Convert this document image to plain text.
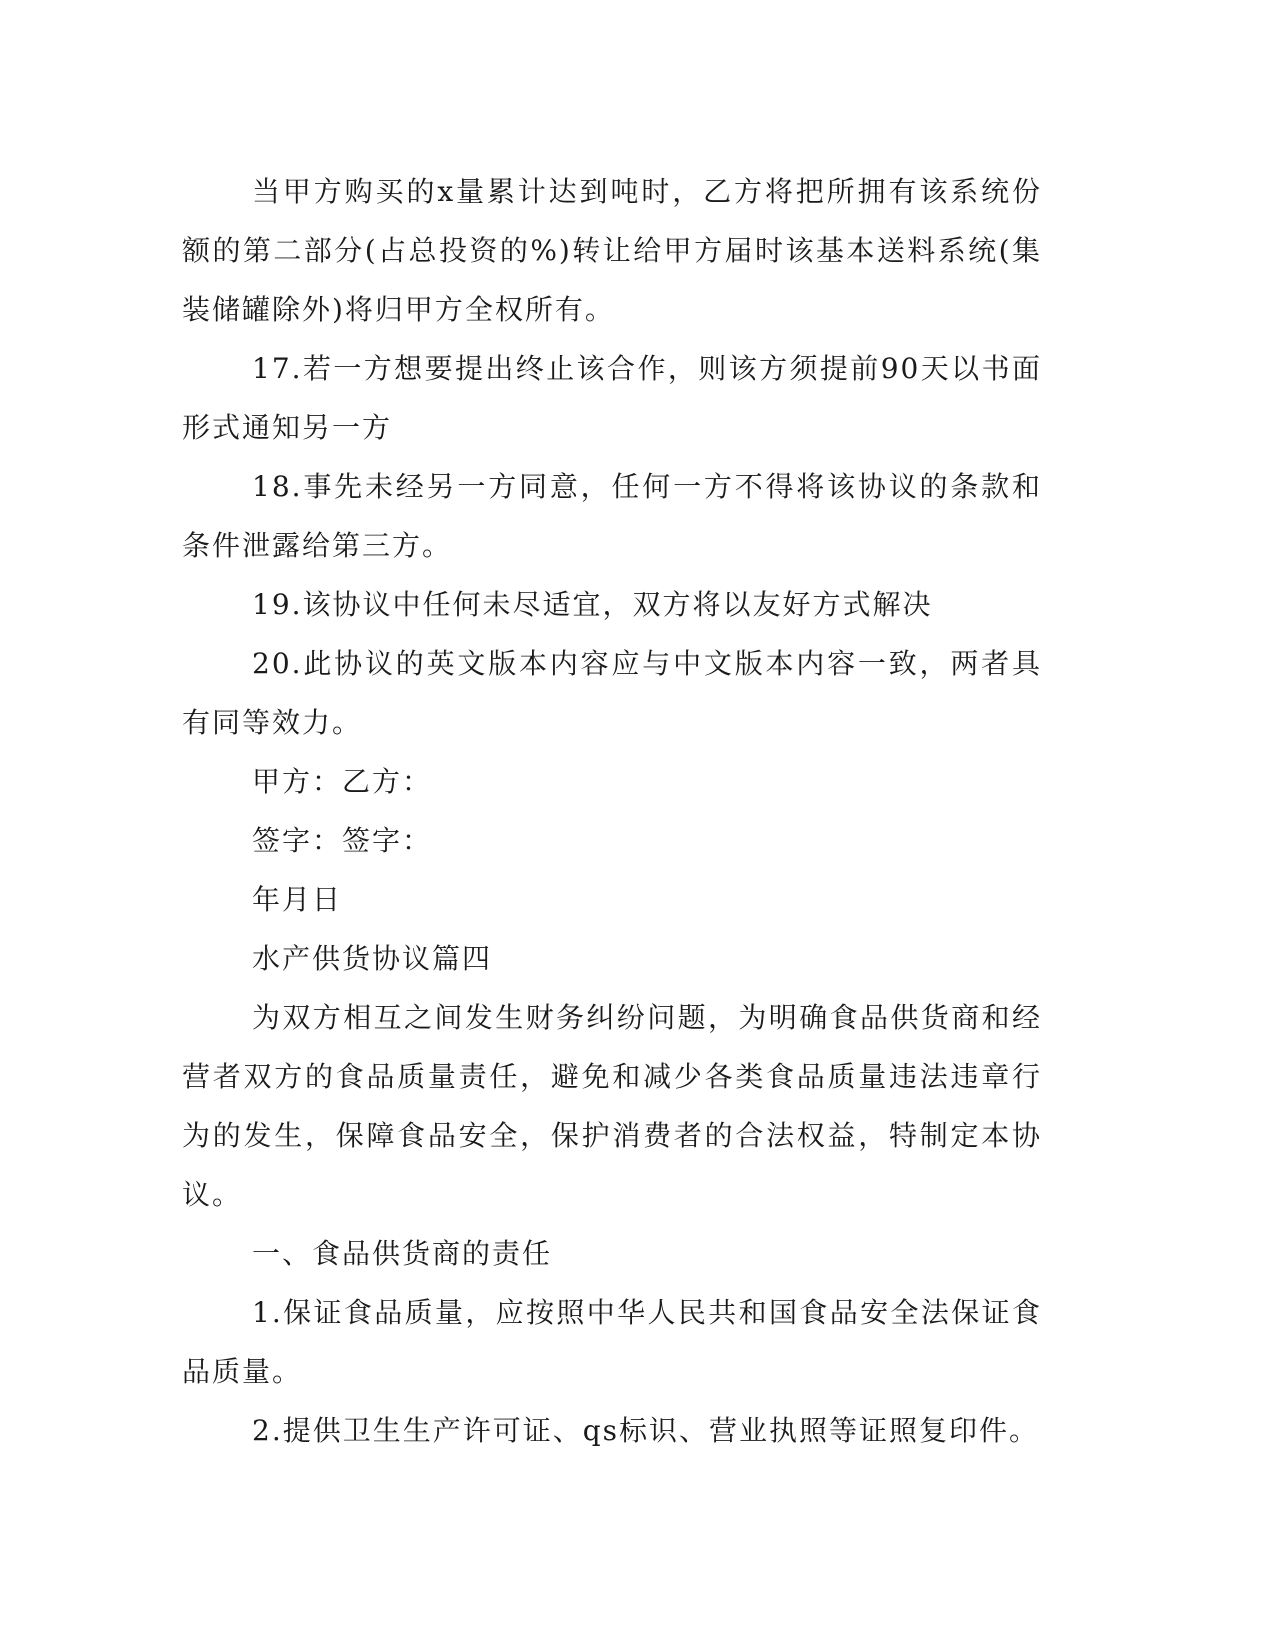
当甲方购买的x量累计达到吨时，乙方将把所拥有该系统份额的第二部分(占总投资的%)转让给甲方届时该基本送料系统(集装储罐除外)将归甲方全权所有。

17.若一方想要提出终止该合作，则该方须提前90天以书面形式通知另一方

18.事先未经另一方同意，任何一方不得将该协议的条款和条件泄露给第三方。

19.该协议中任何未尽适宜，双方将以友好方式解决

20.此协议的英文版本内容应与中文版本内容一致，两者具有同等效力。

甲方：乙方：

签字：签字：

年月日

水产供货协议篇四

为双方相互之间发生财务纠纷问题，为明确食品供货商和经营者双方的食品质量责任，避免和减少各类食品质量违法违章行为的发生，保障食品安全，保护消费者的合法权益，特制定本协议。

一、食品供货商的责任

1.保证食品质量，应按照中华人民共和国食品安全法保证食品质量。

2.提供卫生生产许可证、qs标识、营业执照等证照复印件。
